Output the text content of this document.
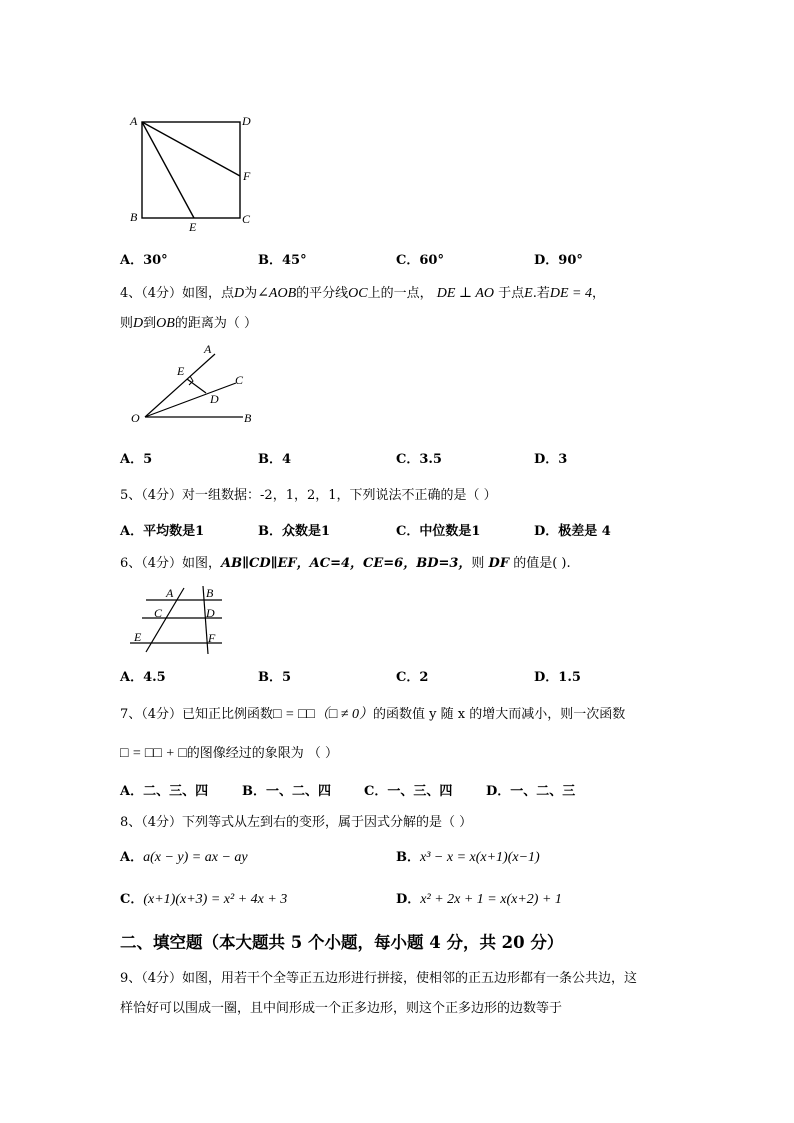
A	D
F
B
E
C
A．30°	B．45°	C．60°	D．90°
4、（4分）如图，点D为∠AOB的平分线OC上的一点， DE ⊥ AO 于点E.若DE = 4，
则D到OB的距离为（ ）
A
E
C
D
O	B
A．5	B．4	C．3.5	D．3
5、（4分）对一组数据：-2，1，2，1，下列说法不正确的是（ ）
A．平均数是1	B．众数是1	C．中位数是1	D．极差是 4
6、（4分）如图，AB∥CD∥EF，AC=4，CE=6，BD=3，则 DF 的值是( ).
A	B
C	D
E	F
A．4.5	B．5	C．2	D．1.5
7、（4分）已知正比例函数□ = □□（□ ≠ 0）的函数值 y 随 x 的增大而减小，则一次函数
□ = □□ + □的图像经过的象限为 （ ）
A．二、三、四	B．一、二、四	C．一、三、四	D．一、二、三
8、（4分）下列等式从左到右的变形，属于因式分解的是（ ）
A．a(x − y) = ax − ay	B．x³ − x = x(x+1)(x−1)
C．(x+1)(x+3) = x² + 4x + 3	D．x² + 2x + 1 = x(x+2) + 1
二、填空题（本大题共 5 个小题，每小题 4 分，共 20 分）
9、（4分）如图，用若干个全等正五边形进行拼接，使相邻的正五边形都有一条公共边，这
样恰好可以围成一圈，且中间形成一个正多边形，则这个正多边形的边数等于
